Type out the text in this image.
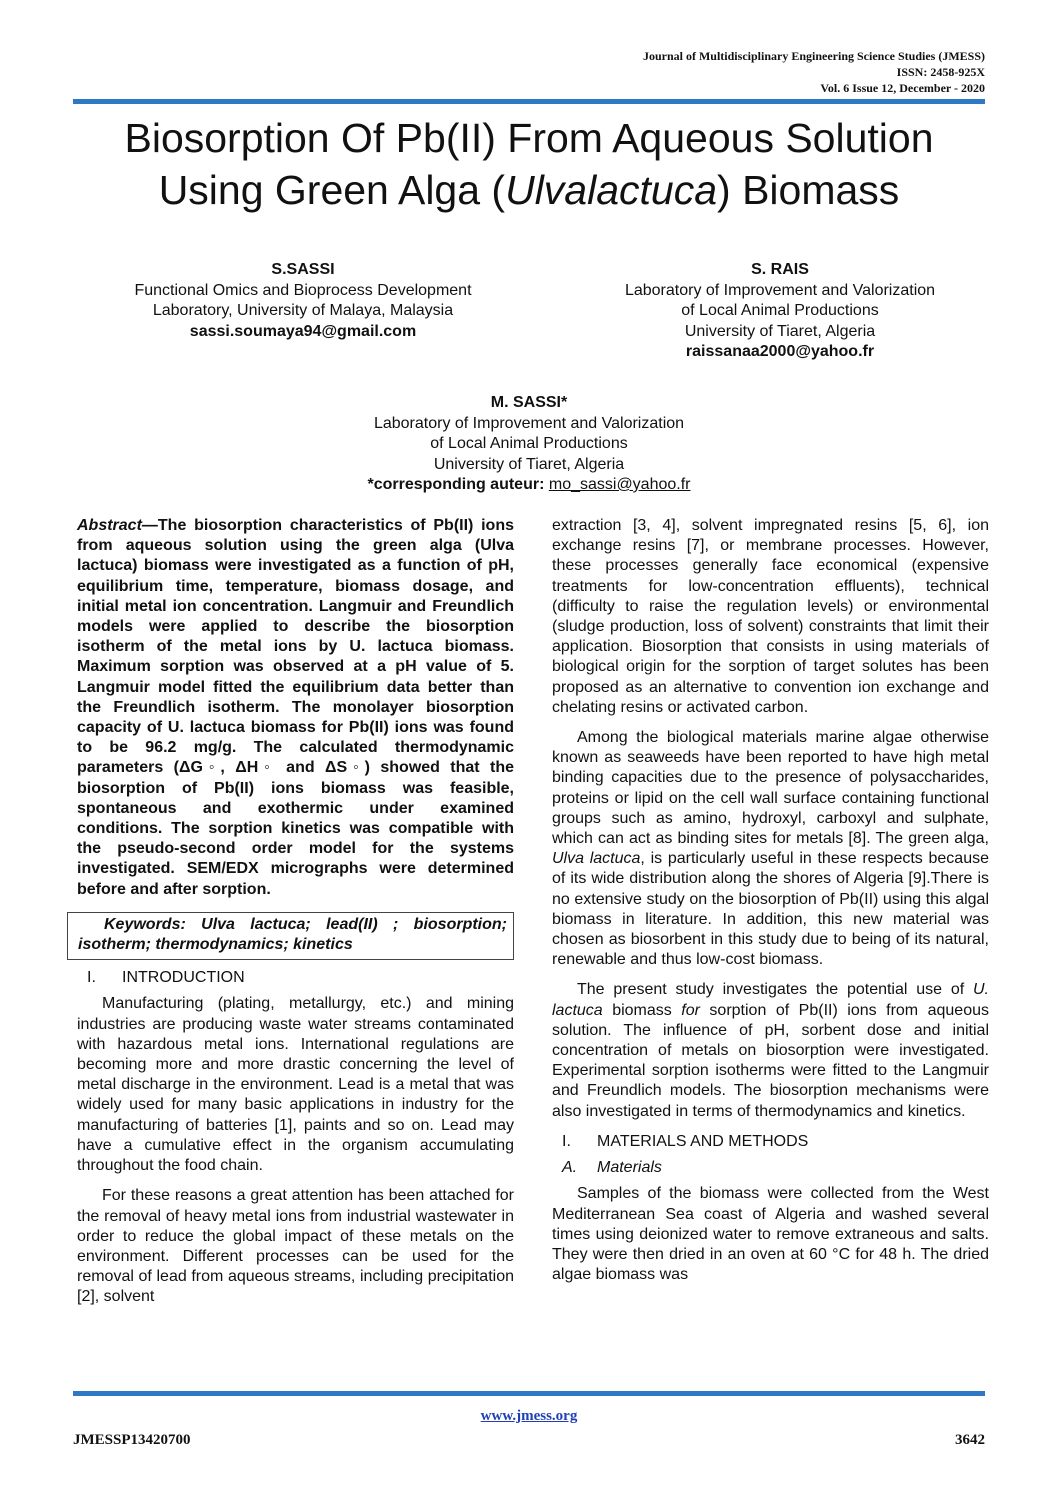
Journal of Multidisciplinary Engineering Science Studies (JMESS)
ISSN: 2458-925X
Vol. 6 Issue 12, December - 2020
Biosorption Of Pb(II) From Aqueous Solution
Using Green Alga (Ulvalactuca) Biomass
S.SASSI
Functional Omics and Bioprocess Development
Laboratory, University of Malaya, Malaysia
sassi.soumaya94@gmail.com
S. RAIS
Laboratory of Improvement and Valorization
of Local Animal Productions
University of Tiaret, Algeria
raissanaa2000@yahoo.fr
M. SASSI*
Laboratory of Improvement and Valorization
of Local Animal Productions
University of Tiaret, Algeria
*corresponding auteur: mo_sassi@yahoo.fr

Abstract—The biosorption characteristics of Pb(II) ions from aqueous solution using the green alga (Ulva lactuca) biomass were investigated as a function of pH, equilibrium time, temperature, biomass dosage, and initial metal ion concentration. Langmuir and Freundlich models were applied to describe the biosorption isotherm of the metal ions by U. lactuca biomass. Maximum sorption was observed at a pH value of 5. Langmuir model fitted the equilibrium data better than the Freundlich isotherm. The monolayer biosorption capacity of U. lactuca biomass for Pb(II) ions was found to be 96.2 mg/g. The calculated thermodynamic parameters (ΔG◦, ΔH◦ and ΔS◦) showed that the biosorption of Pb(II) ions biomass was feasible, spontaneous and exothermic under examined conditions. The sorption kinetics was compatible with the pseudo-second order model for the systems investigated. SEM/EDX micrographs were determined before and after sorption.

Keywords: Ulva lactuca; lead(II) ; biosorption; isotherm; thermodynamics; kinetics
I. INTRODUCTION

Manufacturing (plating, metallurgy, etc.) and mining industries are producing waste water streams contaminated with hazardous metal ions. International regulations are becoming more and more drastic concerning the level of metal discharge in the environment. Lead is a metal that was widely used for many basic applications in industry for the manufacturing of batteries [1], paints and so on. Lead may have a cumulative effect in the organism accumulating throughout the food chain.

For these reasons a great attention has been attached for the removal of heavy metal ions from industrial wastewater in order to reduce the global impact of these metals on the environment. Different processes can be used for the removal of lead from aqueous streams, including precipitation [2], solvent

extraction [3, 4], solvent impregnated resins [5, 6], ion exchange resins [7], or membrane processes. However, these processes generally face economical (expensive treatments for low-concentration effluents), technical (difficulty to raise the regulation levels) or environmental (sludge production, loss of solvent) constraints that limit their application. Biosorption that consists in using materials of biological origin for the sorption of target solutes has been proposed as an alternative to convention ion exchange and chelating resins or activated carbon.

Among the biological materials marine algae otherwise known as seaweeds have been reported to have high metal binding capacities due to the presence of polysaccharides, proteins or lipid on the cell wall surface containing functional groups such as amino, hydroxyl, carboxyl and sulphate, which can act as binding sites for metals [8]. The green alga, Ulva lactuca, is particularly useful in these respects because of its wide distribution along the shores of Algeria [9].There is no extensive study on the biosorption of Pb(II) using this algal biomass in literature. In addition, this new material was chosen as biosorbent in this study due to being of its natural, renewable and thus low-cost biomass.

The present study investigates the potential use of U. lactuca biomass for sorption of Pb(II) ions from aqueous solution. The influence of pH, sorbent dose and initial concentration of metals on biosorption were investigated. Experimental sorption isotherms were fitted to the Langmuir and Freundlich models. The biosorption mechanisms were also investigated in terms of thermodynamics and kinetics.

I. MATERIALS AND METHODS
A. Materials

Samples of the biomass were collected from the West Mediterranean Sea coast of Algeria and washed several times using deionized water to remove extraneous and salts. They were then dried in an oven at 60 °C for 48 h. The dried algae biomass was

www.jmess.org
JMESSP13420700	3642
